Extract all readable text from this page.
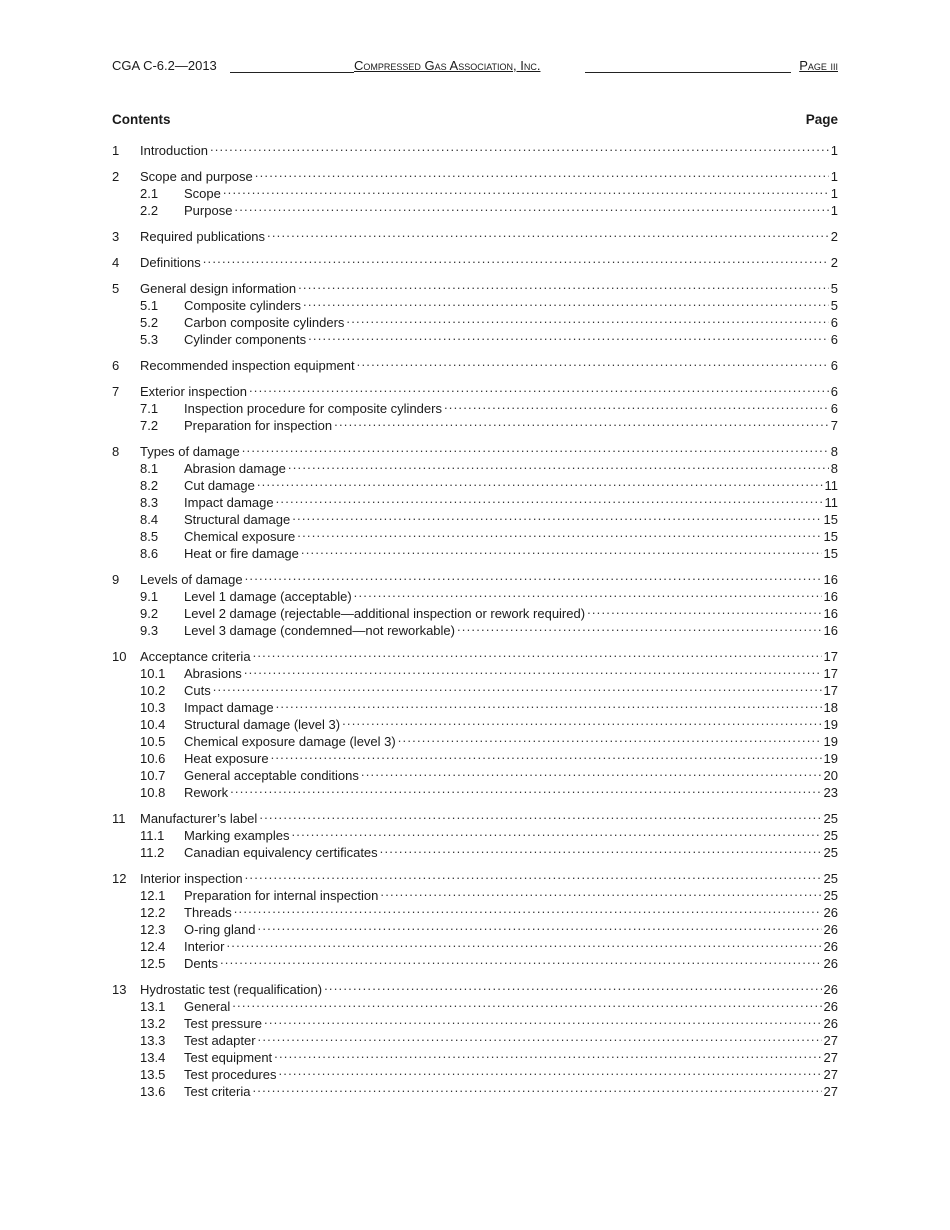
CGA C-6.2—2013	Compressed Gas Association, Inc.	Page iii
Contents	Page
1	Introduction .....	1
2	Scope and purpose .....	1
2.1	Scope .....	1
2.2	Purpose .....	1
3	Required publications .....	2
4	Definitions .....	2
5	General design information .....	5
5.1	Composite cylinders .....	5
5.2	Carbon composite cylinders .....	6
5.3	Cylinder components .....	6
6	Recommended inspection equipment .....	6
7	Exterior inspection .....	6
7.1	Inspection procedure for composite cylinders .....	6
7.2	Preparation for inspection .....	7
8	Types of damage .....	8
8.1	Abrasion damage .....	8
8.2	Cut damage .....	11
8.3	Impact damage .....	11
8.4	Structural damage .....	15
8.5	Chemical exposure .....	15
8.6	Heat or fire damage .....	15
9	Levels of damage .....	16
9.1	Level 1 damage (acceptable) .....	16
9.2	Level 2 damage (rejectable—additional inspection or rework required) .....	16
9.3	Level 3 damage (condemned—not reworkable) .....	16
10	Acceptance criteria .....	17
10.1	Abrasions .....	17
10.2	Cuts .....	17
10.3	Impact damage .....	18
10.4	Structural damage (level 3) .....	19
10.5	Chemical exposure damage (level 3) .....	19
10.6	Heat exposure .....	19
10.7	General acceptable conditions .....	20
10.8	Rework .....	23
11	Manufacturer’s label .....	25
11.1	Marking examples .....	25
11.2	Canadian equivalency certificates .....	25
12	Interior inspection .....	25
12.1	Preparation for internal inspection .....	25
12.2	Threads .....	26
12.3	O-ring gland .....	26
12.4	Interior .....	26
12.5	Dents .....	26
13	Hydrostatic test (requalification) .....	26
13.1	General .....	26
13.2	Test pressure .....	26
13.3	Test adapter .....	27
13.4	Test equipment .....	27
13.5	Test procedures .....	27
13.6	Test criteria .....	27
